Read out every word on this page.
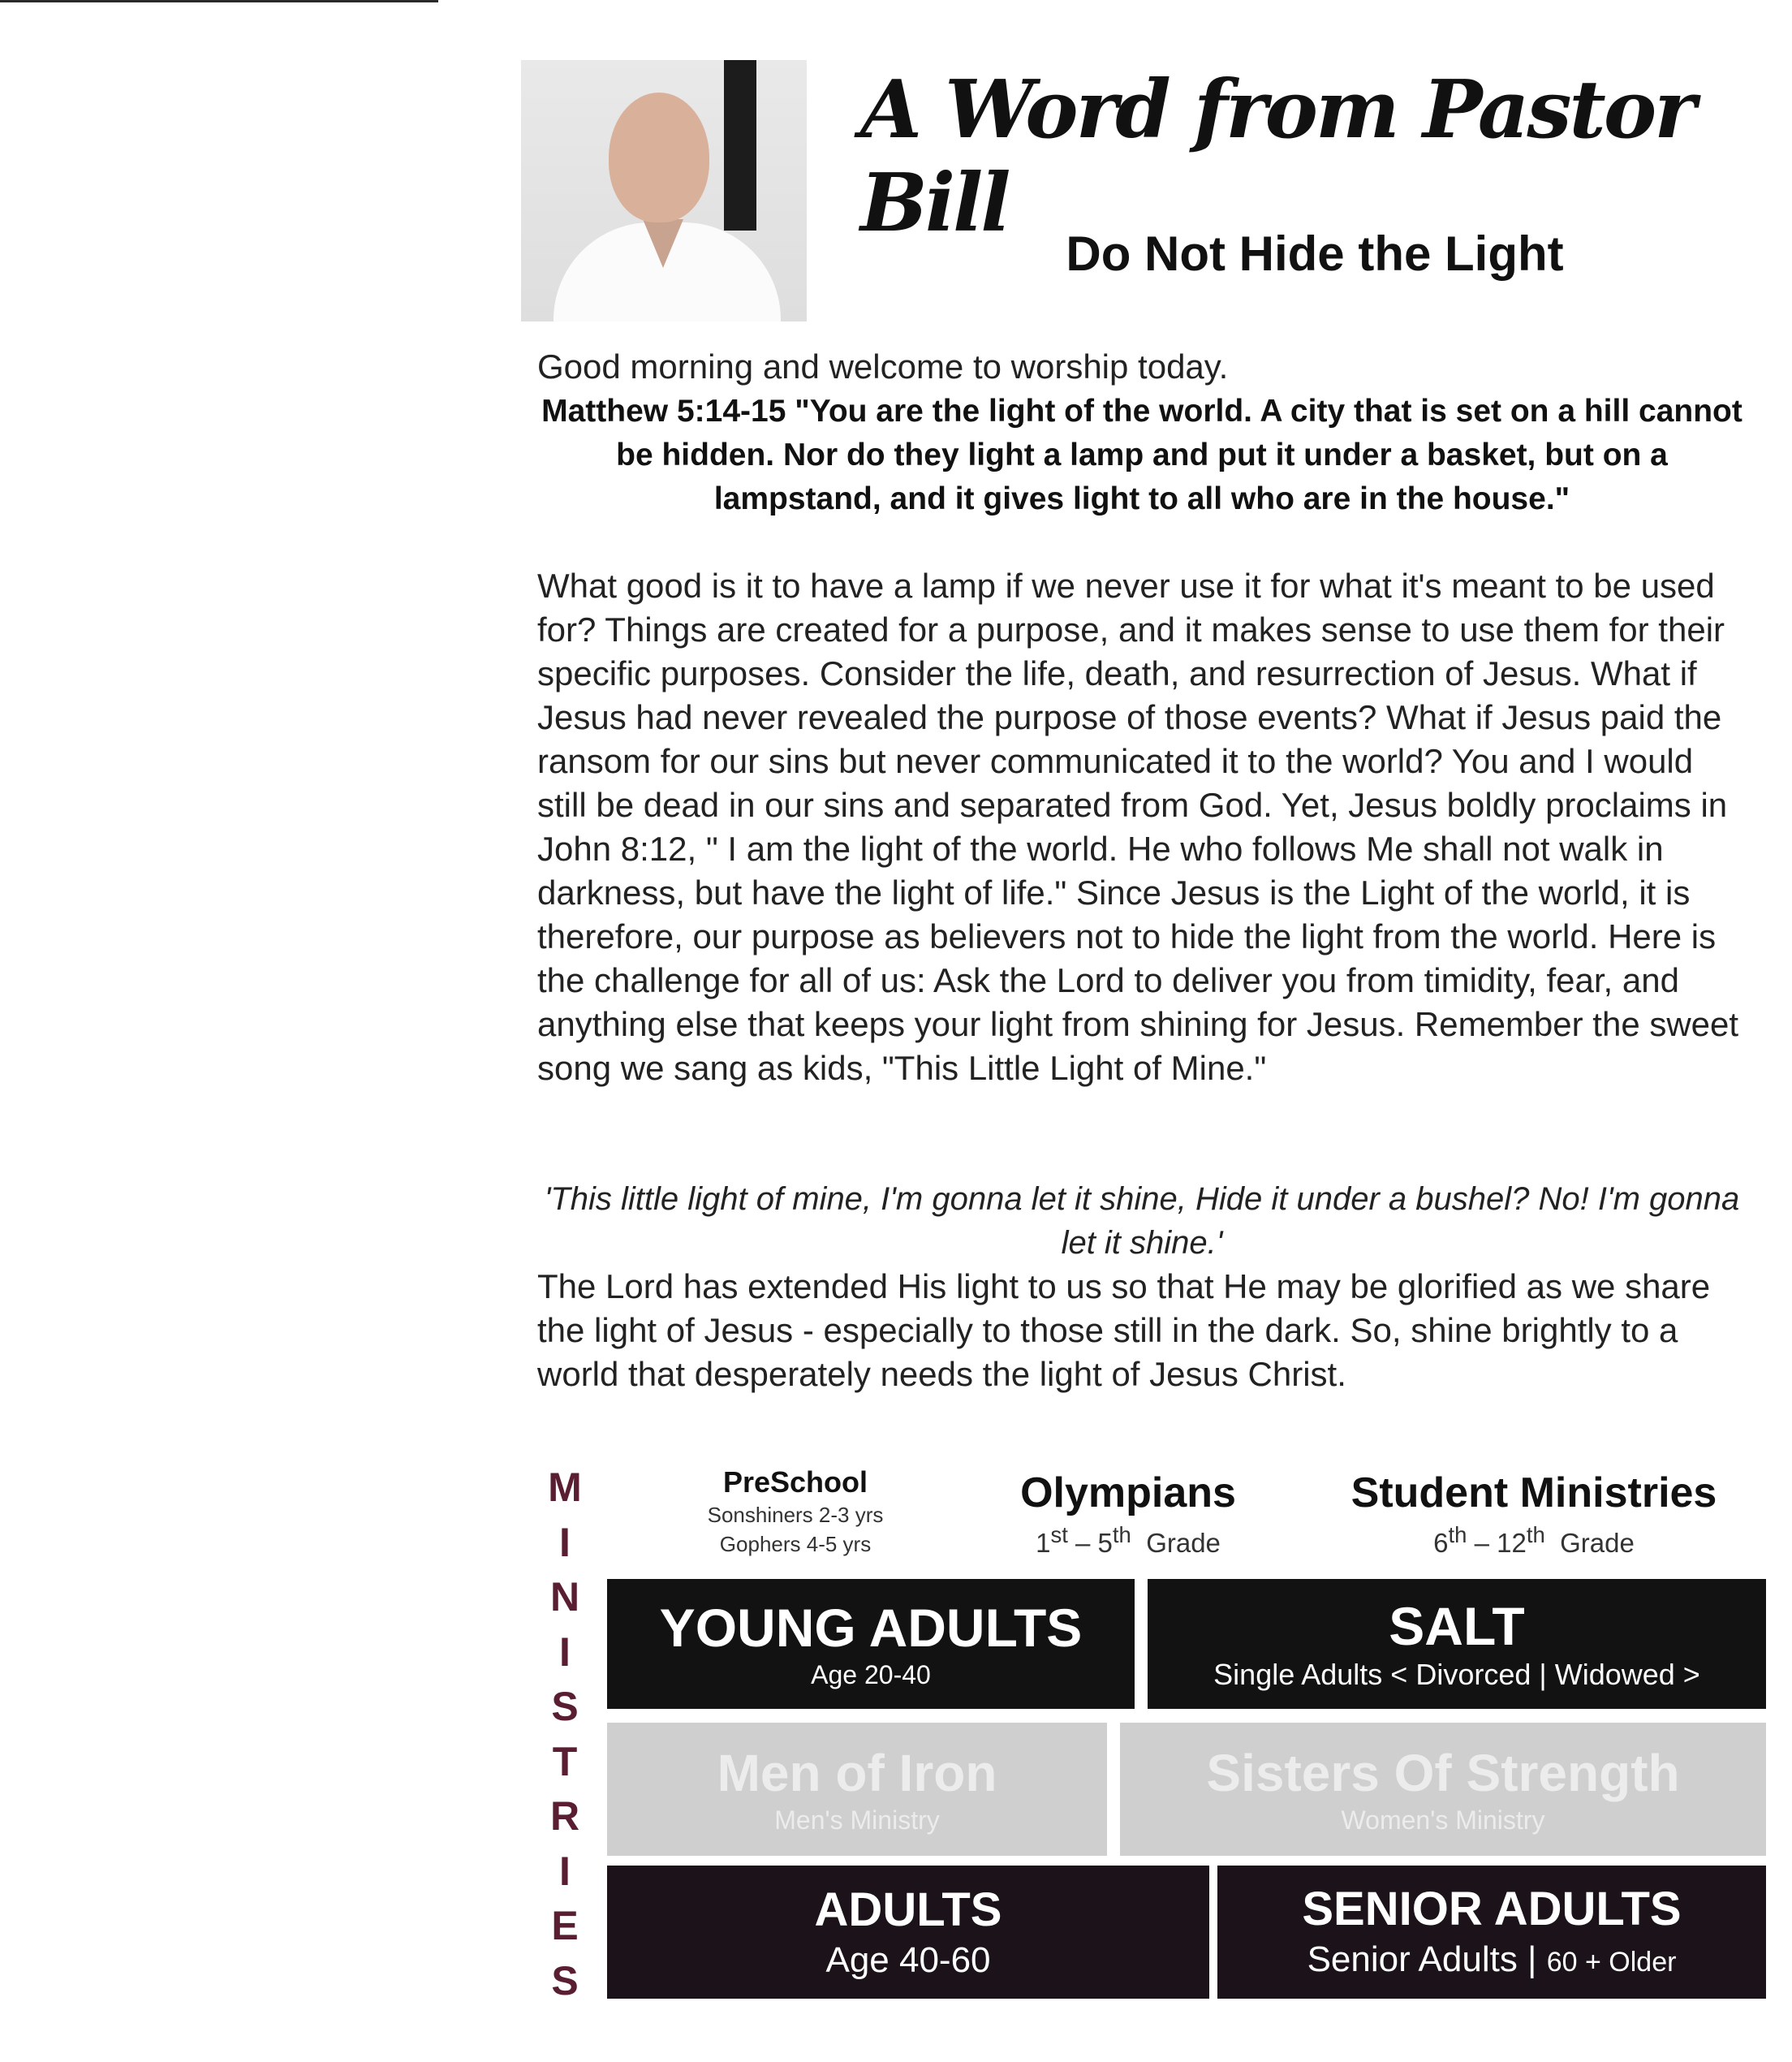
A Word from Pastor Bill
Do Not Hide the Light
Good morning and welcome to worship today.
Matthew 5:14-15 "You are the light of the world. A city that is set on a hill cannot be hidden. Nor do they light a lamp and put it under a basket, but on a lampstand, and it gives light to all who are in the house."
What good is it to have a lamp if we never use it for what it's meant to be used for? Things are created for a purpose, and it makes sense to use them for their specific purposes. Consider the life, death, and resurrection of Jesus. What if Jesus had never revealed the purpose of those events? What if Jesus paid the ransom for our sins but never communicated it to the world? You and I would still be dead in our sins and separated from God. Yet, Jesus boldly proclaims in John 8:12, " I am the light of the world. He who follows Me shall not walk in darkness, but have the light of life." Since Jesus is the Light of the world, it is therefore, our purpose as believers not to hide the light from the world. Here is the challenge for all of us: Ask the Lord to deliver you from timidity, fear, and anything else that keeps your light from shining for Jesus. Remember the sweet song we sang as kids, "This Little Light of Mine."
'This little light of mine, I'm gonna let it shine, Hide it under a bushel? No! I'm gonna let it shine.'
The Lord has extended His light to us so that He may be glorified as we share the light of Jesus - especially to those still in the dark. So, shine brightly to a world that desperately needs the light of Jesus Christ.
M
I
N
I
S
T
R
I
E
S
PreSchool
Sonshiners 2-3 yrs
Gophers 4-5 yrs
Olympians
1st – 5th Grade
Student Ministries
6th – 12th Grade
YOUNG ADULTS
Age 20-40
SALT
Single Adults < Divorced | Widowed >
Men of Iron
Men's Ministry
Sisters Of Strength
Women's Ministry
ADULTS
Age 40-60
SENIOR ADULTS
Senior Adults | 60 + Older
